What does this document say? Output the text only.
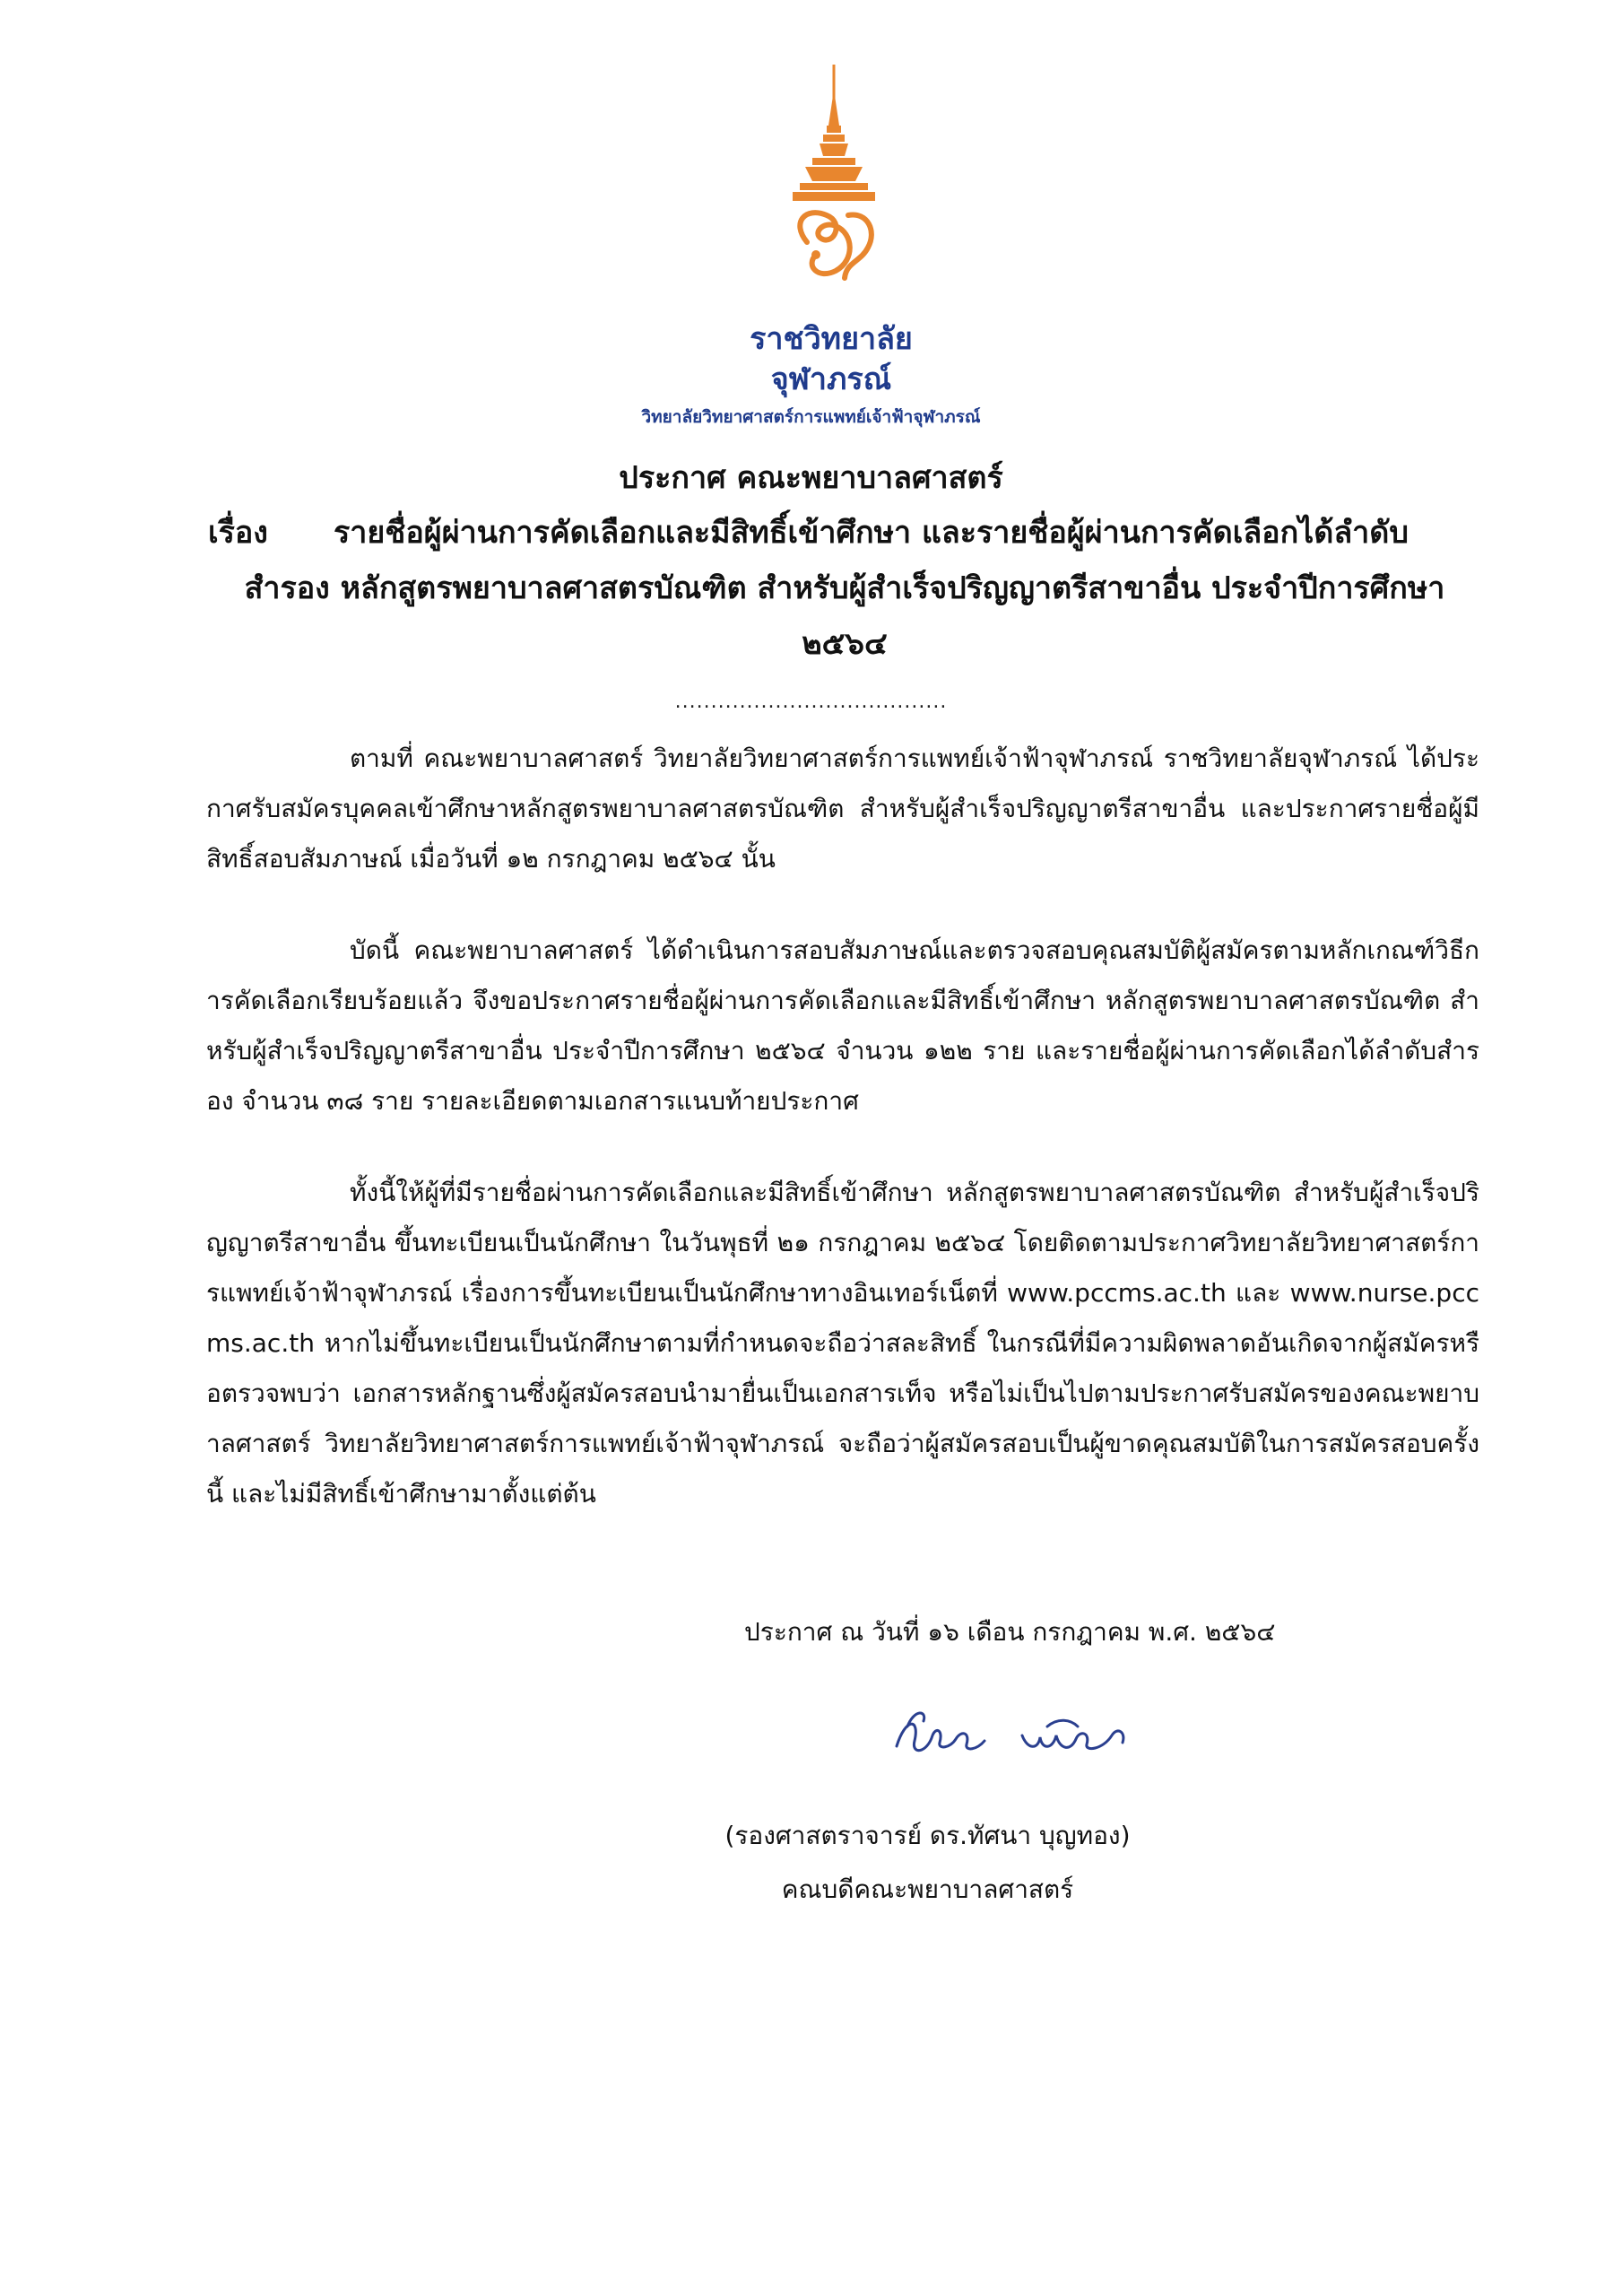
ราชวิทยาลัย
จุฬาภรณ์
วิทยาลัยวิทยาศาสตร์การแพทย์เจ้าฟ้าจุฬาภรณ์
ประกาศ คณะพยาบาลศาสตร์
เรื่อง	รายชื่อผู้ผ่านการคัดเลือกและมีสิทธิ์เข้าศึกษา และรายชื่อผู้ผ่านการคัดเลือกได้ลำดับ
สำรอง หลักสูตรพยาบาลศาสตรบัณฑิต สำหรับผู้สำเร็จปริญญาตรีสาขาอื่น ประจำปีการศึกษา
๒๕๖๔
......................................

ตามที่ คณะพยาบาลศาสตร์ วิทยาลัยวิทยาศาสตร์การแพทย์เจ้าฟ้าจุฬาภรณ์ ราชวิทยาลัยจุฬาภรณ์ ได้ประกาศรับสมัครบุคคลเข้าศึกษาหลักสูตรพยาบาลศาสตรบัณฑิต สำหรับผู้สำเร็จปริญญาตรีสาขาอื่น และประกาศรายชื่อผู้มีสิทธิ์สอบสัมภาษณ์ เมื่อวันที่ ๑๒ กรกฎาคม ๒๕๖๔ นั้น

บัดนี้ คณะพยาบาลศาสตร์ ได้ดำเนินการสอบสัมภาษณ์และตรวจสอบคุณสมบัติผู้สมัครตามหลักเกณฑ์วิธีการคัดเลือกเรียบร้อยแล้ว จึงขอประกาศรายชื่อผู้ผ่านการคัดเลือกและมีสิทธิ์เข้าศึกษา หลักสูตรพยาบาลศาสตรบัณฑิต สำหรับผู้สำเร็จปริญญาตรีสาขาอื่น ประจำปีการศึกษา ๒๕๖๔ จำนวน ๑๒๒ ราย และรายชื่อผู้ผ่านการคัดเลือกได้ลำดับสำรอง จำนวน ๓๘ ราย รายละเอียดตามเอกสารแนบท้ายประกาศ

ทั้งนี้ให้ผู้ที่มีรายชื่อผ่านการคัดเลือกและมีสิทธิ์เข้าศึกษา หลักสูตรพยาบาลศาสตรบัณฑิต สำหรับผู้สำเร็จปริญญาตรีสาขาอื่น ขึ้นทะเบียนเป็นนักศึกษา ในวันพุธที่ ๒๑ กรกฎาคม ๒๕๖๔ โดยติดตามประกาศวิทยาลัยวิทยาศาสตร์การแพทย์เจ้าฟ้าจุฬาภรณ์ เรื่องการขึ้นทะเบียนเป็นนักศึกษาทางอินเทอร์เน็ตที่ www.pccms.ac.th และ www.nurse.pccms.ac.th หากไม่ขึ้นทะเบียนเป็นนักศึกษาตามที่กำหนดจะถือว่าสละสิทธิ์ ในกรณีที่มีความผิดพลาดอันเกิดจากผู้สมัครหรือตรวจพบว่า เอกสารหลักฐานซึ่งผู้สมัครสอบนำมายื่นเป็นเอกสารเท็จ หรือไม่เป็นไปตามประกาศรับสมัครของคณะพยาบาลศาสตร์ วิทยาลัยวิทยาศาสตร์การแพทย์เจ้าฟ้าจุฬาภรณ์ จะถือว่าผู้สมัครสอบเป็นผู้ขาดคุณสมบัติในการสมัครสอบครั้งนี้ และไม่มีสิทธิ์เข้าศึกษามาตั้งแต่ต้น

ประกาศ ณ วันที่ ๑๖ เดือน กรกฎาคม พ.ศ. ๒๕๖๔
(รองศาสตราจารย์ ดร.ทัศนา บุญทอง)
คณบดีคณะพยาบาลศาสตร์
